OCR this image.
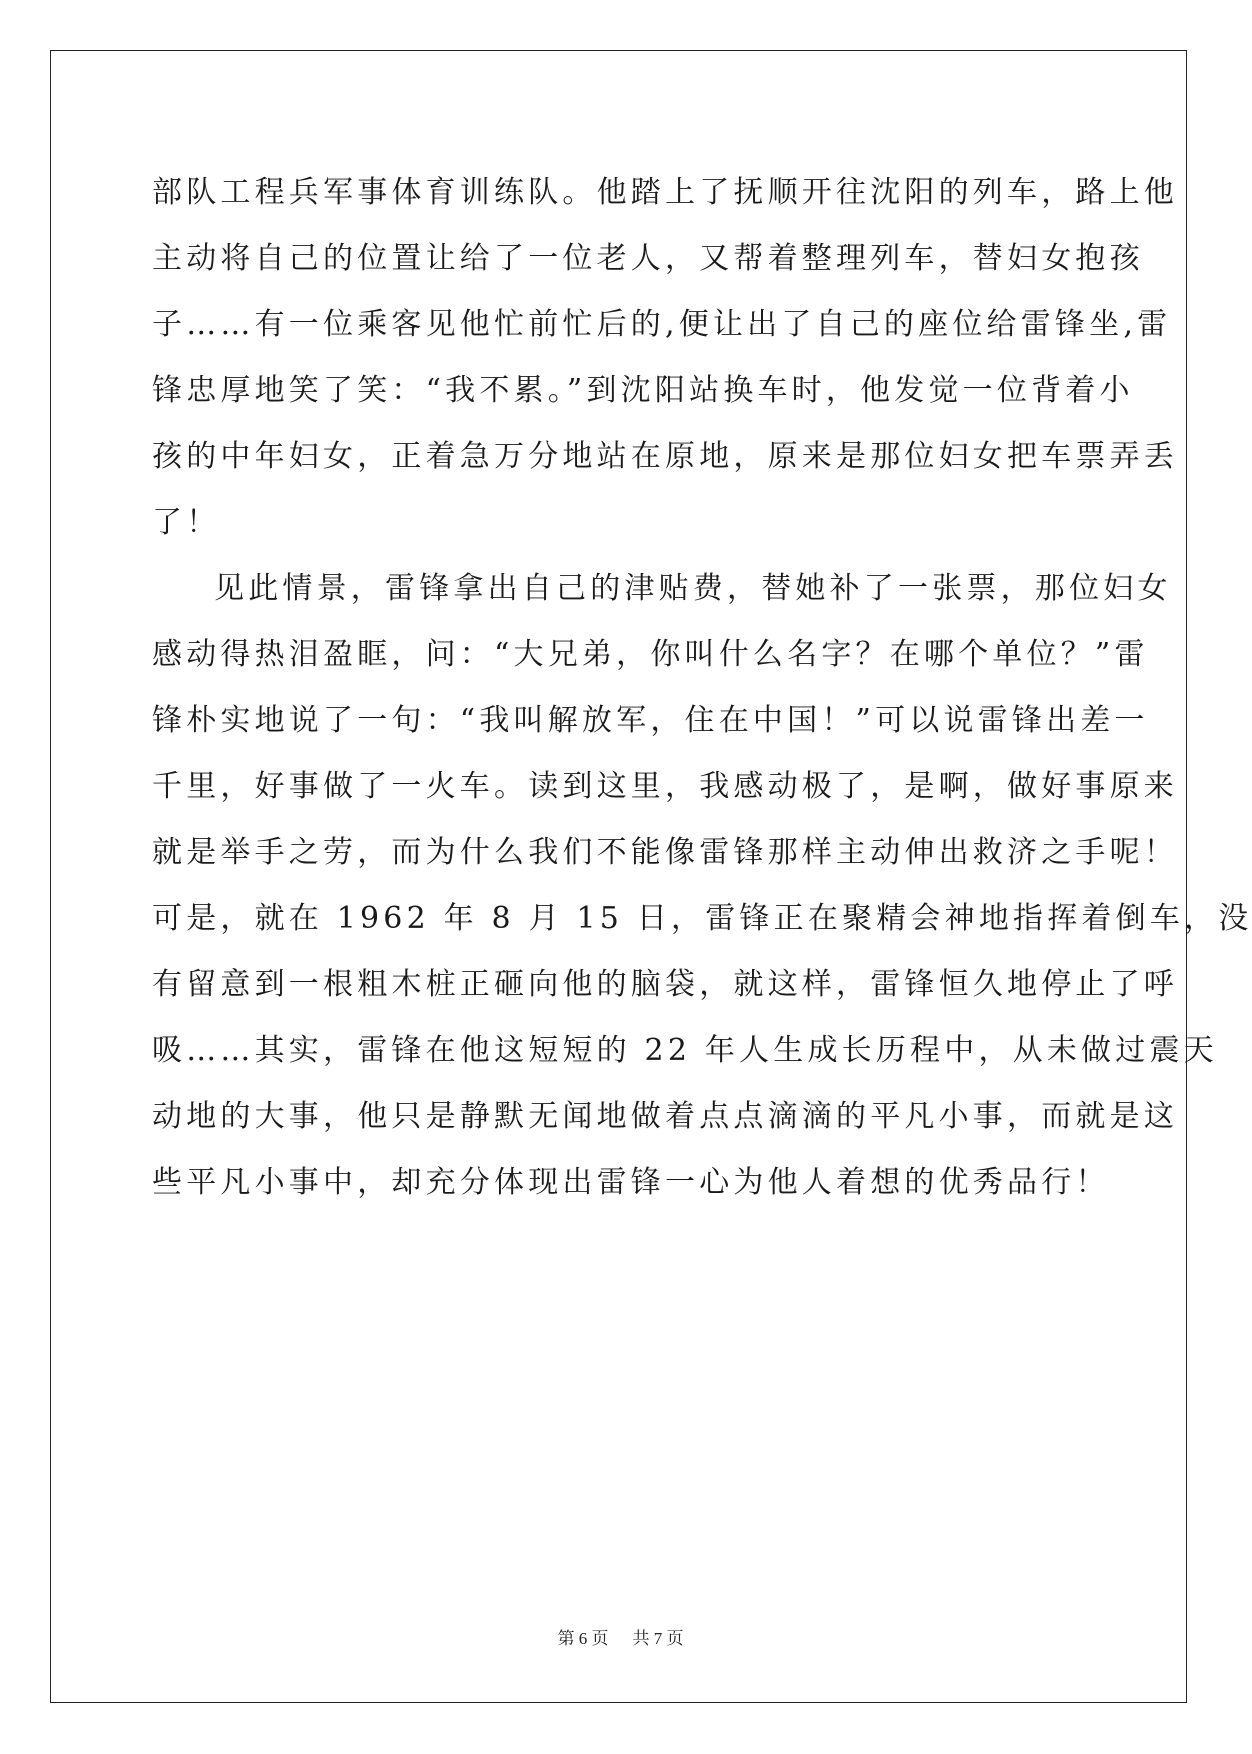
部队工程兵军事体育训练队。他踏上了抚顺开往沈阳的列车，路上他
主动将自己的位置让给了一位老人，又帮着整理列车，替妇女抱孩
子……有一位乘客见他忙前忙后的,便让出了自己的座位给雷锋坐,雷
锋忠厚地笑了笑：“我不累。”到沈阳站换车时，他发觉一位背着小
孩的中年妇女，正着急万分地站在原地，原来是那位妇女把车票弄丢
了！
见此情景，雷锋拿出自己的津贴费，替她补了一张票，那位妇女
感动得热泪盈眶，问：“大兄弟，你叫什么名字？在哪个单位？”雷
锋朴实地说了一句：“我叫解放军，住在中国！”可以说雷锋出差一
千里，好事做了一火车。读到这里，我感动极了，是啊，做好事原来
就是举手之劳，而为什么我们不能像雷锋那样主动伸出救济之手呢！
可是，就在 1962 年 8 月 15 日，雷锋正在聚精会神地指挥着倒车，没
有留意到一根粗木桩正砸向他的脑袋，就这样，雷锋恒久地停止了呼
吸……其实，雷锋在他这短短的 22 年人生成长历程中，从未做过震天
动地的大事，他只是静默无闻地做着点点滴滴的平凡小事，而就是这
些平凡小事中，却充分体现出雷锋一心为他人着想的优秀品行！
第 6 页 共 7 页
